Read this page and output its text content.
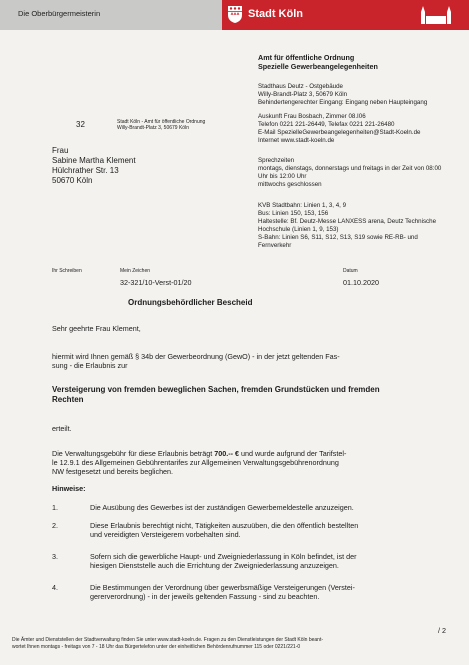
Die Oberbürgermeisterin	Stadt Köln
Amt für öffentliche Ordnung
Spezielle Gewerbeangelegenheiten
Stadthaus Deutz - Ostgebäude
Willy-Brandt-Platz 3, 50679 Köln
Behindertengerechter Eingang: Eingang neben Haupteingang
Auskunft Frau Bosbach, Zimmer 08.I06
Telefon 0221 221-26449, Telefax 0221 221-26480
E-Mail SpezielleGewerbeangelegenheiten@Stadt-Koeln.de
Internet www.stadt-koeln.de
Sprechzeiten
montags, dienstags, donnerstags und freitags in der Zeit von 08:00
Uhr bis 12:00 Uhr
mittwochs geschlossen
KVB Stadtbahn: Linien 1, 3, 4, 9
Bus: Linien 150, 153, 156
Haltestelle: Bf. Deutz-Messe LANXESS arena, Deutz Technische
Hochschule (Linien 1, 9, 153)
S-Bahn: Linien S6, S11, S12, S13, S19 sowie RE-RB- und
Fernverkehr
32	Stadt Köln - Amt für öffentliche Ordnung
Willy-Brandt-Platz 3, 50679 Köln
Frau
Sabine Martha Klement
Hülchrather Str. 13
50670 Köln
Ihr Schreiben	Mein Zeichen
32-321/10-Verst-01/20
Datum
01.10.2020
Ordnungsbehördlicher Bescheid
Sehr geehrte Frau Klement,
hiermit wird Ihnen gemäß § 34b der Gewerbeordnung (GewO) - in der jetzt geltenden Fas-
sung - die Erlaubnis zur
Versteigerung von fremden beweglichen Sachen, fremden Grundstücken und fremden
Rechten
erteilt.
Die Verwaltungsgebühr für diese Erlaubnis beträgt 700.-- € und wurde aufgrund der Tarifstel-
le 12.9.1 des Allgemeinen Gebührentarifes zur Allgemeinen Verwaltungsgebührenordnung
NW festgesetzt und bereits beglichen.
Hinweise:
1.	Die Ausübung des Gewerbes ist der zuständigen Gewerbemeldestelle anzuzeigen.
2.	Diese Erlaubnis berechtigt nicht, Tätigkeiten auszuüben, die den öffentlich bestellten
und vereidigten Versteigerern vorbehalten sind.
3.	Sofern sich die gewerbliche Haupt- und Zweigniederlassung in Köln befindet, ist der
hiesigen Dienststelle auch die Errichtung der Zweigniederlassung anzuzeigen.
4.	Die Bestimmungen der Verordnung über gewerbsmäßige Versteigerungen (Verstei-
gererverordnung) - in der jeweils geltenden Fassung - sind zu beachten.
/ 2
Die Ämter und Dienststellen der Stadtverwaltung finden Sie unter www.stadt-koeln.de. Fragen zu den Dienstleistungen der Stadt Köln beant-
wortet Ihnen montags - freitags von 7 - 18 Uhr das Bürgertelefon unter der einheitlichen Behördenrufnummer 115 oder 0221/221-0
